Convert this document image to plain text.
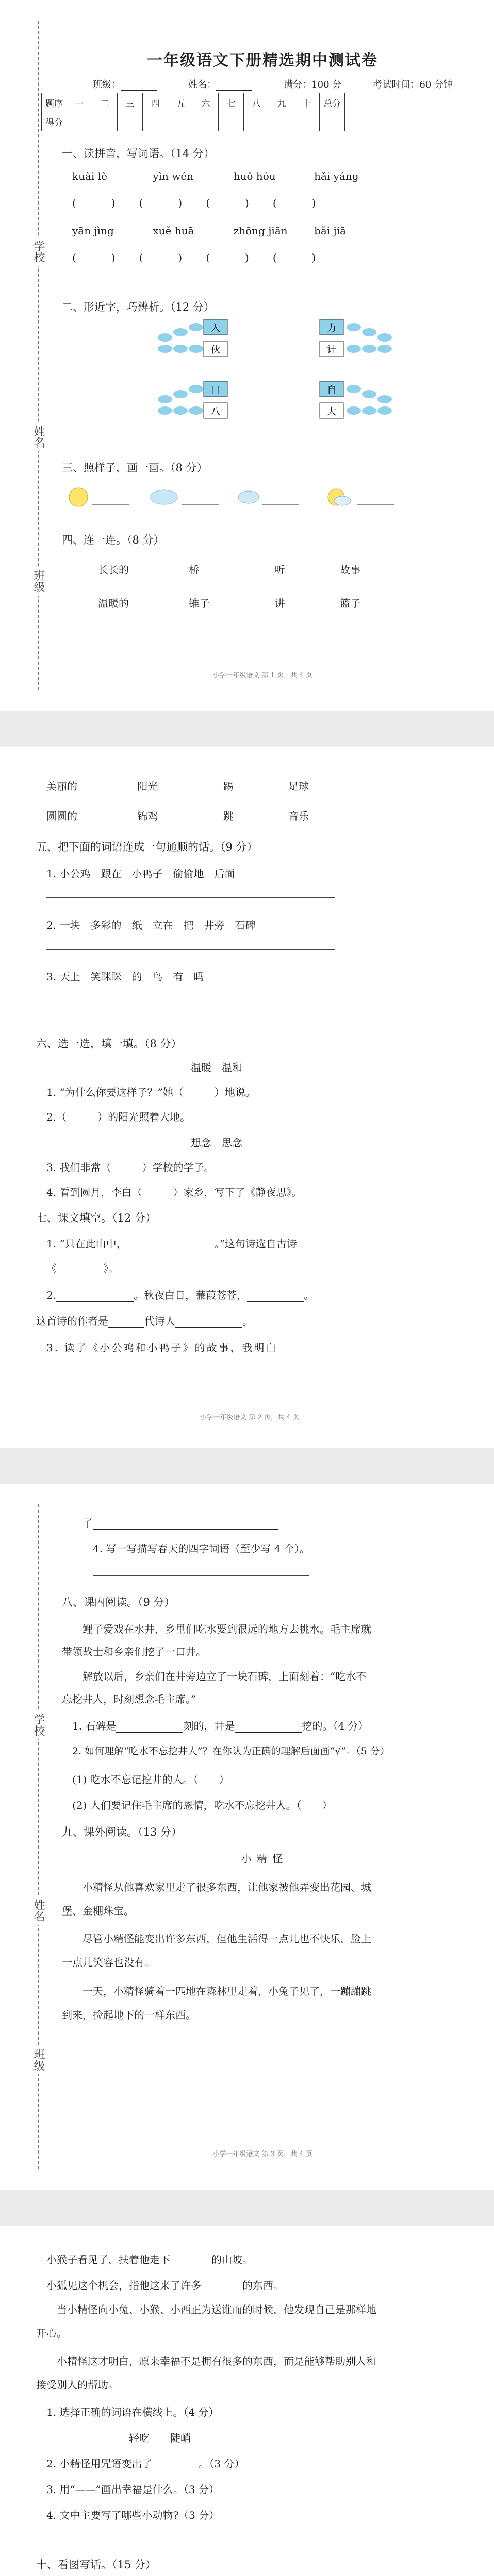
学校
姓名
班级
一年级语文下册精选期中测试卷
班级：	姓名：	满分：100 分	考试时间：60 分钟
题序	一	二	三	四	五	六	七	八	九	十	总分
得分											
一、读拼音，写词语。（14 分）
kuài lè	yìn wén	huǒ hóu	hǎi yáng
(　　　)　　(　　　)　　(　　　)　　(　　　)
yān jìng	xuě huā	zhōng jiān	bǎi jiā
(　　　)　　(　　　)　　(　　　)　　(　　　)
二、形近字，巧辨析。（12 分）
入
伙
日
八
力
计
自
大
三、照样子，画一画。（8 分）
四、连一连。（8 分）
长长的	桥	听	故事
温暖的	锥子	讲	篮子
小学一年级语文 第 1 页，共 4 页
美丽的	阳光	踢	足球
圆圆的	锦鸡	跳	音乐
五、把下面的词语连成一句通顺的话。（9 分）
1. 小公鸡　跟在　小鸭子　偷偷地　后面
2. 一块　多彩的　纸　立在　把　井旁　石碑
3. 天上　笑眯眯　的　鸟　有　吗
六、选一选，填一填。（8 分）
温暖　温和
1. “为什么你要这样子？”她（　　　）地说。
2.（　　　）的阳光照着大地。
想念　思念
3. 我们非常（　　　）学校的学子。
4. 看到圆月，李白（　　　）家乡，写下了《静夜思》。
七、课文填空。（12 分）
1. “只在此山中，	。”这句诗选自古诗
《	》。
2.	。秋夜白日，蒹葭苍苍，	。
这首诗的作者是	代诗人	。
3. 读了《小公鸡和小鸭子》的故事，我明白
小学一年级语文 第 2 页，共 4 页
学校
姓名
班级
了
4. 写一写描写春天的四字词语（至少写 4 个）。
八、课内阅读。（9 分）
鲤子爱戏在水井，乡里们吃水要到很远的地方去挑水。毛主席就带领战士和乡亲们挖了一口井。
解放以后，乡亲们在井旁边立了一块石碑，上面刻着：“吃水不忘挖井人，时刻想念毛主席。”
1. 石碑是	刻的，井是	挖的。（4 分）
2. 如何理解“吃水不忘挖井人”？在你认为正确的理解后面画“√”。（5 分）
(1) 吃水不忘记挖井的人。（　　）
(2) 人们要记住毛主席的恩情，吃水不忘挖井人。（　　）
九、课外阅读。（13 分）
小 精 怪
小精怪从他喜欢家里走了很多东西，让他家被他弄变出花园、城堡、金棚珠宝。
尽管小精怪能变出许多东西，但他生活得一点儿也不快乐，脸上一点儿笑容也没有。
一天，小精怪骑着一匹地在森林里走着，小兔子见了，一蹦蹦跳到来，捡起地下的一样东西。
小学一年级语文 第 3 页，共 4 页
小猴子看见了，扶着他走下	的山坡。
小狐见这个机会，指他这来了许多	的东西。
当小精怪向小兔、小猴、小西正为送谁而的时候，他发现自己是那样地开心。
小精怪这才明白，原来幸福不是拥有很多的东西，而是能够帮助别人和接受别人的帮助。
1. 选择正确的词语在横线上。（4 分）
轻吃　　陡峭
2. 小精怪用咒语变出了	。（3 分）
3. 用“——”画出幸福是什么。（3 分）
4. 文中主要写了哪些小动物?（3 分）
十、看图写话。（15 分）
